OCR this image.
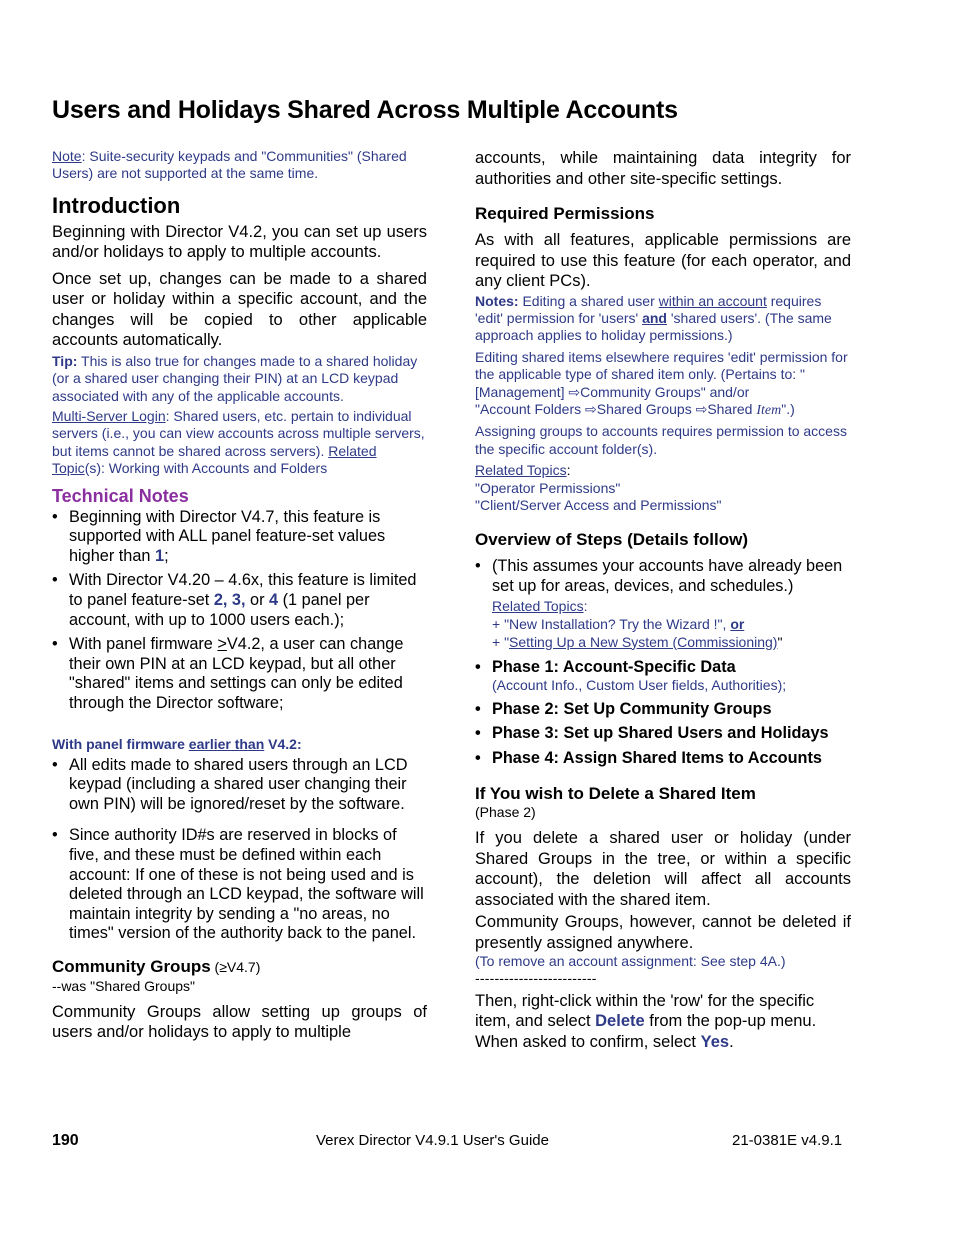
Users and Holidays Shared Across Multiple Accounts

Note: Suite-security keypads and "Communities" (Shared Users) are not supported at the same time.

Introduction

Beginning with Director V4.2, you can set up users and/or holidays to apply to multiple accounts.

Once set up, changes can be made to a shared user or holiday within a specific account, and the changes will be copied to other applicable accounts automatically.

Tip: This is also true for changes made to a shared holiday (or a shared user changing their PIN) at an LCD keypad associated with any of the applicable accounts.

Multi-Server Login: Shared users, etc. pertain to individual servers (i.e., you can view accounts across multiple servers, but items cannot be shared across servers). Related Topic(s): Working with Accounts and Folders

Technical Notes
• Beginning with Director V4.7, this feature is supported with ALL panel feature-set values higher than 1;
• With Director V4.20 – 4.6x, this feature is limited to panel feature-set 2, 3, or 4 (1 panel per account, with up to 1000 users each.);
• With panel firmware >V4.2, a user can change their own PIN at an LCD keypad, but all other "shared" items and settings can only be edited through the Director software;

With panel firmware earlier than V4.2:

• All edits made to shared users through an LCD keypad (including a shared user changing their own PIN) will be ignored/reset by the software.
• Since authority ID#s are reserved in blocks of five, and these must be defined within each account: If one of these is not being used and is deleted through an LCD keypad, the software will maintain integrity by sending a "no areas, no times" version of the authority back to the panel.

Community Groups (≥V4.7)

--was "Shared Groups"

Community Groups allow setting up groups of users and/or holidays to apply to multiple

accounts, while maintaining data integrity for authorities and other site-specific settings.

Required Permissions

As with all features, applicable permissions are required to use this feature (for each operator, and any client PCs).

Notes: Editing a shared user within an account requires 'edit' permission for 'users' and 'shared users'. (The same approach applies to holiday permissions.)

Editing shared items elsewhere requires 'edit' permission for the applicable type of shared item only. (Pertains to: "[Management] ⇨Community Groups" and/or
"Account Folders ⇨Shared Groups ⇨Shared Item".)

Assigning groups to accounts requires permission to access the specific account folder(s).

Related Topics:
"Operator Permissions"
"Client/Server Access and Permissions"

Overview of Steps (Details follow)
• (This assumes your accounts have already been set up for areas, devices, and schedules.)
Related Topics:
+ "New Installation? Try the Wizard !", or
+ "Setting Up a New System (Commissioning)"
• Phase 1: Account-Specific Data
(Account Info., Custom User fields, Authorities);
• Phase 2: Set Up Community Groups
• Phase 3: Set up Shared Users and Holidays
• Phase 4: Assign Shared Items to Accounts
If You wish to Delete a Shared Item

(Phase 2)

If you delete a shared user or holiday (under Shared Groups in the tree, or within a specific account), the deletion will affect all accounts associated with the shared item.

Community Groups, however, cannot be deleted if presently assigned anywhere.

(To remove an account assignment: See step 4A.)

-------------------------

Then, right-click within the 'row' for the specific item, and select Delete from the pop-up menu. When asked to confirm, select Yes.

190	Verex Director V4.9.1 User's Guide	21-0381E v4.9.1
